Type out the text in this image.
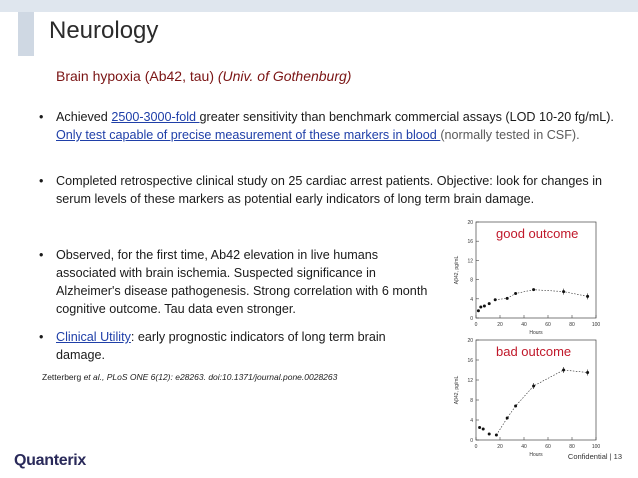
Neurology
Brain hypoxia (Ab42, tau) (Univ. of Gothenburg)

• Achieved 2500-3000-fold greater sensitivity than benchmark commercial assays (LOD 10-20 fg/mL). Only test capable of precise measurement of these markers in blood (normally tested in CSF).

• Completed retrospective clinical study on 25 cardiac arrest patients. Objective: look for changes in serum levels of these markers as potential early indicators of long term brain damage.

• Observed, for the first time, Ab42 elevation in live humans associated with brain ischemia. Suspected significance in Alzheimer's disease pathogenesis. Strong correlation with 6 month cognitive outcome. Tau data even stronger.

• Clinical Utility: early prognostic indicators of long term brain damage.

Zetterberg et al., PLoS ONE 6(12): e28263. doi:10.1371/journal.pone.0028263
0	20	40	60	80	100
0
4
8
12
16
20
Hours
Aβ42, pg/mL
good outcome
0	20	40	60	80	100
0
4
8
12
16
20
Hours
Aβ42, pg/mL
bad outcome
Quanterix	Confidential | 13
